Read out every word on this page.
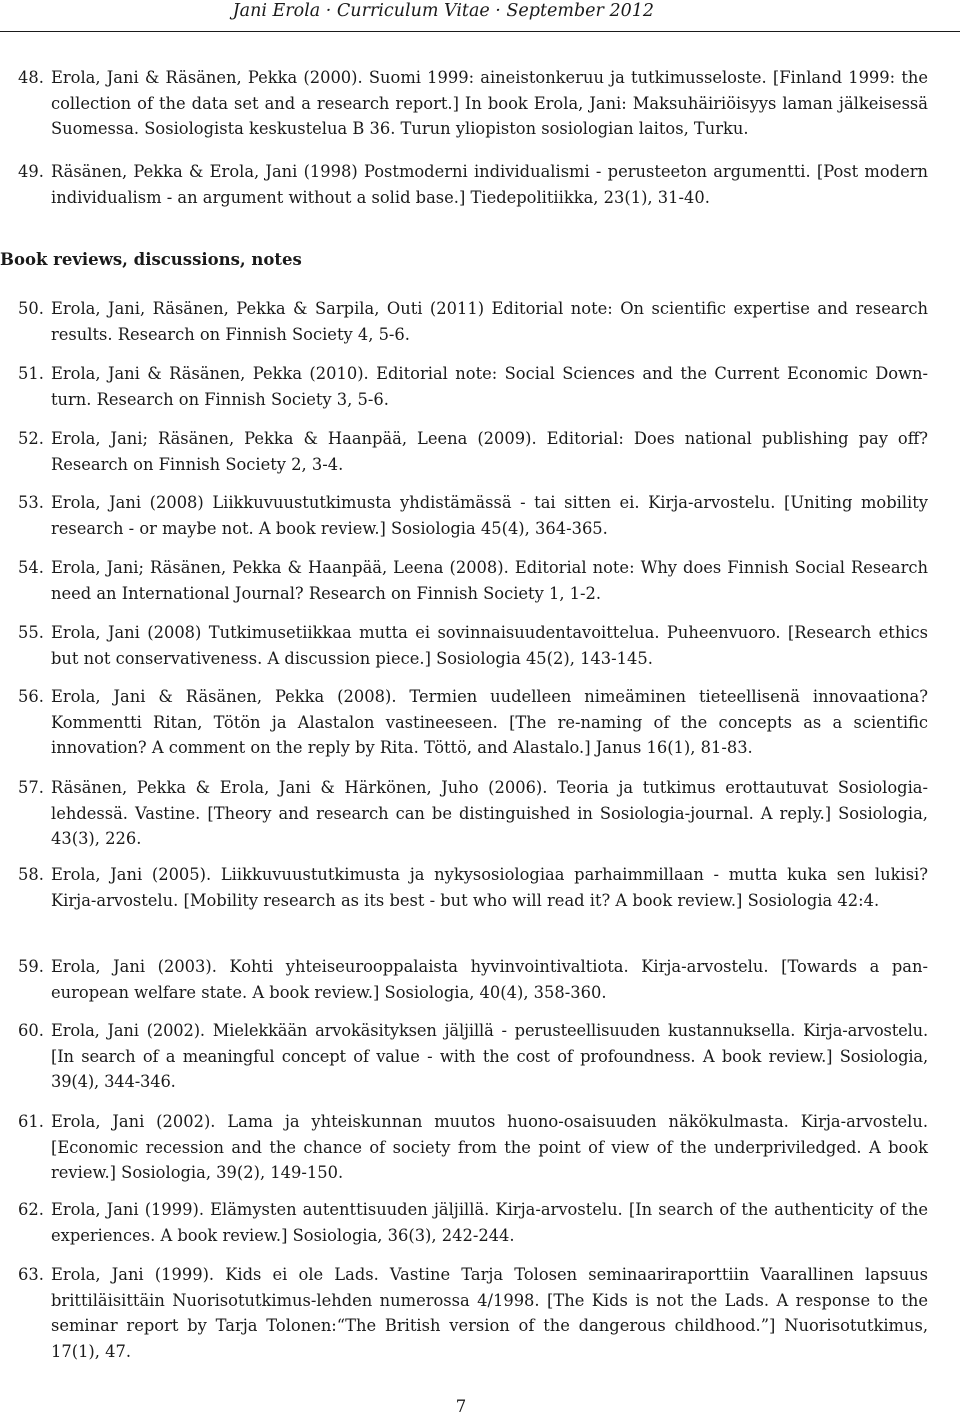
Jani Erola · Curriculum Vitae · September 2012
48. Erola, Jani & Räsänen, Pekka (2000). Suomi 1999: aineistonkeruu ja tutkimusseloste. [Finland 1999: the collection of the data set and a research report.] In book Erola, Jani: Maksuhäiriöisyys laman jälkeisessä Suomessa. Sosiologista keskustelua B 36. Turun yliopiston sosiologian laitos, Turku.
49. Räsänen, Pekka & Erola, Jani (1998) Postmoderni individualismi - perusteeton argumentti. [Post modern individualism - an argument without a solid base.] Tiedepolitiikka, 23(1), 31-40.
Book reviews, discussions, notes
50. Erola, Jani, Räsänen, Pekka & Sarpila, Outi (2011) Editorial note: On scientific expertise and research results. Research on Finnish Society 4, 5-6.
51. Erola, Jani & Räsänen, Pekka (2010). Editorial note: Social Sciences and the Current Economic Downturn. Research on Finnish Society 3, 5-6.
52. Erola, Jani; Räsänen, Pekka & Haanpää, Leena (2009). Editorial: Does national publishing pay off? Research on Finnish Society 2, 3-4.
53. Erola, Jani (2008) Liikkuvuustutkimusta yhdistämässä - tai sitten ei. Kirja-arvostelu. [Uniting mobility research - or maybe not. A book review.] Sosiologia 45(4), 364-365.
54. Erola, Jani; Räsänen, Pekka & Haanpää, Leena (2008). Editorial note: Why does Finnish Social Research need an International Journal? Research on Finnish Society 1, 1-2.
55. Erola, Jani (2008) Tutkimusetiikkaa mutta ei sovinnaisuudentavoittelua. Puheenvuoro. [Research ethics but not conservativeness. A discussion piece.] Sosiologia 45(2), 143-145.
56. Erola, Jani & Räsänen, Pekka (2008). Termien uudelleen nimeäminen tieteellisenä innovaationa? Kommentti Ritan, Tötön ja Alastalon vastineeseen. [The re-naming of the concepts as a scientific innovation? A comment on the reply by Rita. Töttö, and Alastalo.] Janus 16(1), 81-83.
57. Räsänen, Pekka & Erola, Jani & Härkönen, Juho (2006). Teoria ja tutkimus erottautuvat Sosiologialehdessä. Vastine. [Theory and research can be distinguished in Sosiologia-journal. A reply.] Sosiologia, 43(3), 226.
58. Erola, Jani (2005). Liikkuvuustutkimusta ja nykysosiologiaa parhaimmillaan - mutta kuka sen lukisi? Kirja-arvostelu. [Mobility research as its best - but who will read it? A book review.] Sosiologia 42:4.
59. Erola, Jani (2003). Kohti yhteiseurooppalaista hyvinvointivaltiota. Kirja-arvostelu. [Towards a paneuropean welfare state. A book review.] Sosiologia, 40(4), 358-360.
60. Erola, Jani (2002). Mielekkään arvokäsityksen jäljillä - perusteellisuuden kustannuksella. Kirja-arvostelu. [In search of a meaningful concept of value - with the cost of profoundness. A book review.] Sosiologia, 39(4), 344-346.
61. Erola, Jani (2002). Lama ja yhteiskunnan muutos huono-osaisuuden näkökulmasta. Kirja-arvostelu. [Economic recession and the chance of society from the point of view of the underpriviledged. A book review.] Sosiologia, 39(2), 149-150.
62. Erola, Jani (1999). Elämysten autenttisuuden jäljillä. Kirja-arvostelu. [In search of the authenticity of the experiences. A book review.] Sosiologia, 36(3), 242-244.
63. Erola, Jani (1999). Kids ei ole Lads. Vastine Tarja Tolosen seminaariraporttiin Vaarallinen lapsuus brittiläisittäin Nuorisotutkimus-lehden numerossa 4/1998. [The Kids is not the Lads. A response to the seminar report by Tarja Tolonen:“The British version of the dangerous childhood.”] Nuorisotutkimus, 17(1), 47.
7
